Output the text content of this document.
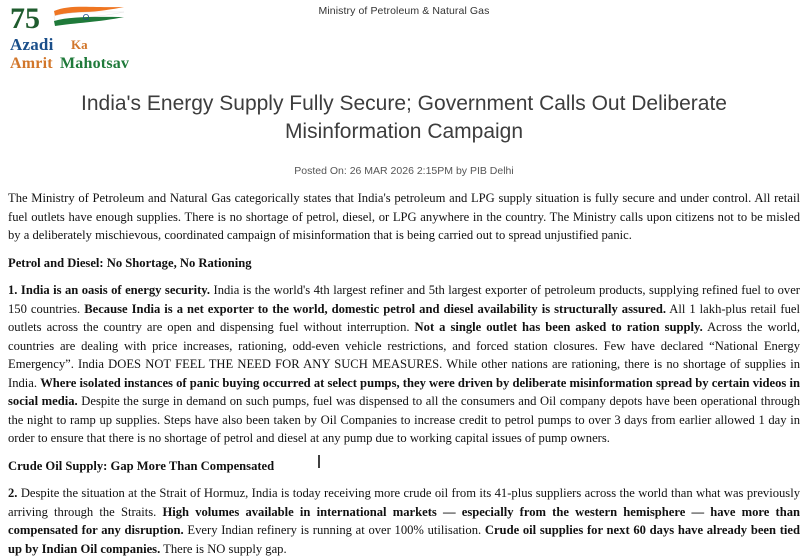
Ministry of Petroleum & Natural Gas
75
Azadi Ka
Amrit Mahotsav
India's Energy Supply Fully Secure; Government Calls Out Deliberate Misinformation Campaign
Posted On: 26 MAR 2026 2:15PM by PIB Delhi

The Ministry of Petroleum and Natural Gas categorically states that India's petroleum and LPG supply situation is fully secure and under control. All retail fuel outlets have enough supplies. There is no shortage of petrol, diesel, or LPG anywhere in the country. The Ministry calls upon citizens not to be misled by a deliberately mischievous, coordinated campaign of misinformation that is being carried out to spread unjustified panic.

Petrol and Diesel: No Shortage, No Rationing

1. India is an oasis of energy security. India is the world's 4th largest refiner and 5th largest exporter of petroleum products, supplying refined fuel to over 150 countries. Because India is a net exporter to the world, domestic petrol and diesel availability is structurally assured. All 1 lakh-plus retail fuel outlets across the country are open and dispensing fuel without interruption. Not a single outlet has been asked to ration supply. Across the world, countries are dealing with price increases, rationing, odd-even vehicle restrictions, and forced station closures. Few have declared “National Energy Emergency”. India DOES NOT FEEL THE NEED FOR ANY SUCH MEASURES. While other nations are rationing, there is no shortage of supplies in India. Where isolated instances of panic buying occurred at select pumps, they were driven by deliberate misinformation spread by certain videos in social media. Despite the surge in demand on such pumps, fuel was dispensed to all the consumers and Oil company depots have been operational through the night to ramp up supplies. Steps have also been taken by Oil Companies to increase credit to petrol pumps to over 3 days from earlier allowed 1 day in order to ensure that there is no shortage of petrol and diesel at any pump due to working capital issues of pump owners.

Crude Oil Supply: Gap More Than Compensated

2. Despite the situation at the Strait of Hormuz, India is today receiving more crude oil from its 41-plus suppliers across the world than what was previously arriving through the Straits. High volumes available in international markets — especially from the western hemisphere — have more than compensated for any disruption. Every Indian refinery is running at over 100% utilisation. Crude oil supplies for next 60 days have already been tied up by Indian Oil companies. There is NO supply gap.
